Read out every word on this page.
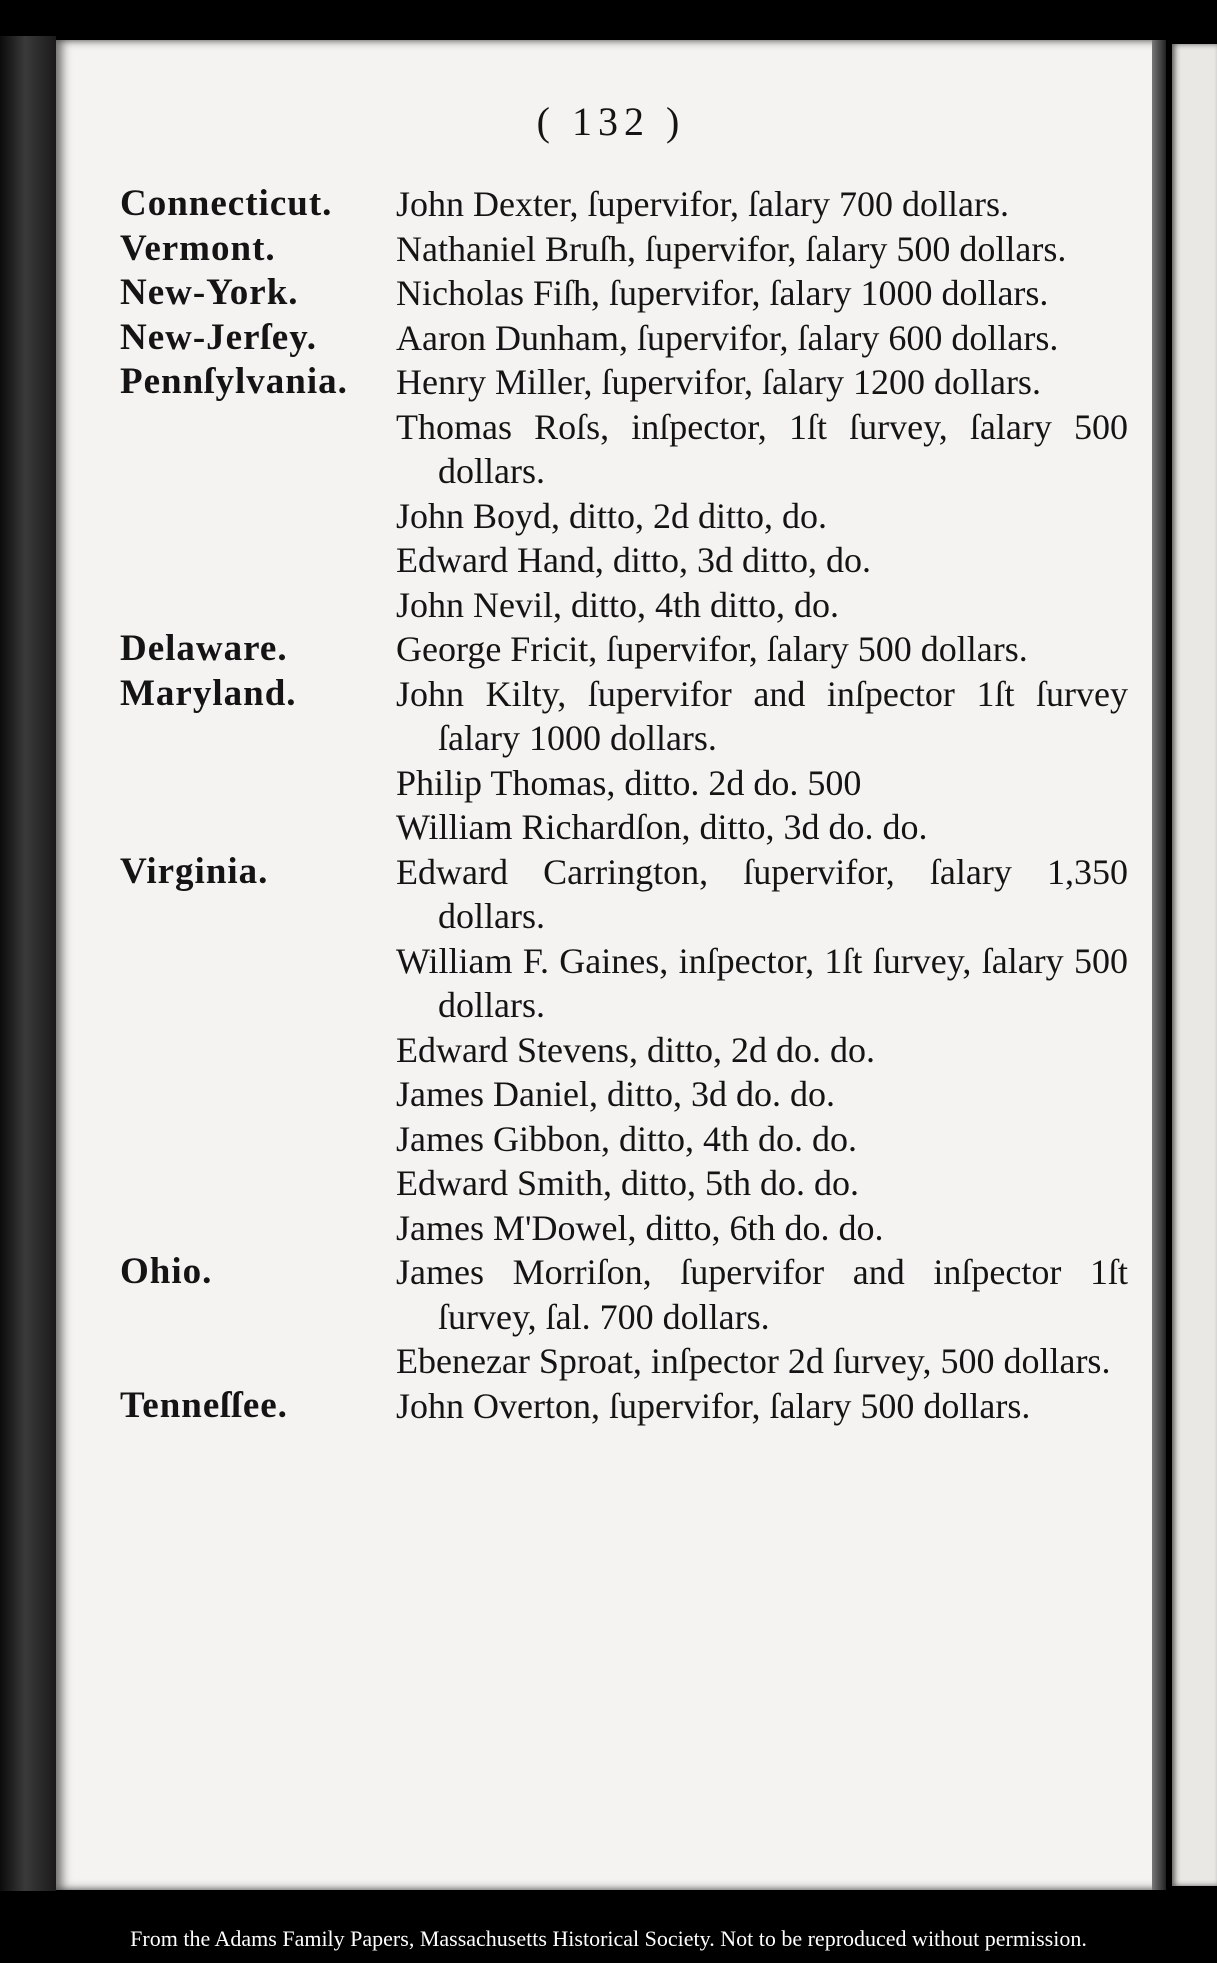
( 132 )
Connecticut. John Dexter, ſupervifor, ſalary 700 dollars.
Vermont.	Nathaniel Bruſh, ſupervifor, ſalary 500 dollars.
New-York.	Nicholas Fiſh, ſupervifor, ſalary 1000 dollars.
New-Jerſey. Aaron Dunham, ſupervifor, ſalary 600 dollars.
Pennſylvania. Henry Miller, ſupervifor, ſalary 1200 dollars.
Thomas Roſs, inſpector, 1ſt ſurvey, ſalary 500 dollars.
John Boyd, ditto, 2d ditto, do.
Edward Hand, ditto, 3d ditto, do.
John Nevil, ditto, 4th ditto, do.
Delaware.	George Fricit, ſupervifor, ſalary 500 dollars.
Maryland.	John Kilty, ſupervifor and inſpector 1ſt ſurvey ſalary 1000 dollars.
Philip Thomas, ditto. 2d do. 500
William Richardſon, ditto, 3d do. do.
Virginia.	Edward Carrington, ſupervifor, ſalary 1,350 dollars.
William F. Gaines, inſpector, 1ſt ſurvey, ſalary 500 dollars.
Edward Stevens, ditto, 2d do. do.
James Daniel, ditto, 3d do. do.
James Gibbon, ditto, 4th do. do.
Edward Smith, ditto, 5th do. do.
James M'Dowel, ditto, 6th do. do.
Ohio.	James Morriſon, ſupervifor and inſpector 1ſt ſurvey, ſal. 700 dollars.
Ebenezar Sproat, inſpector 2d ſurvey, 500 dollars.
Tenneſſee.	John Overton, ſupervifor, ſalary 500 dollars.
From the Adams Family Papers, Massachusetts Historical Society. Not to be reproduced without permission.
